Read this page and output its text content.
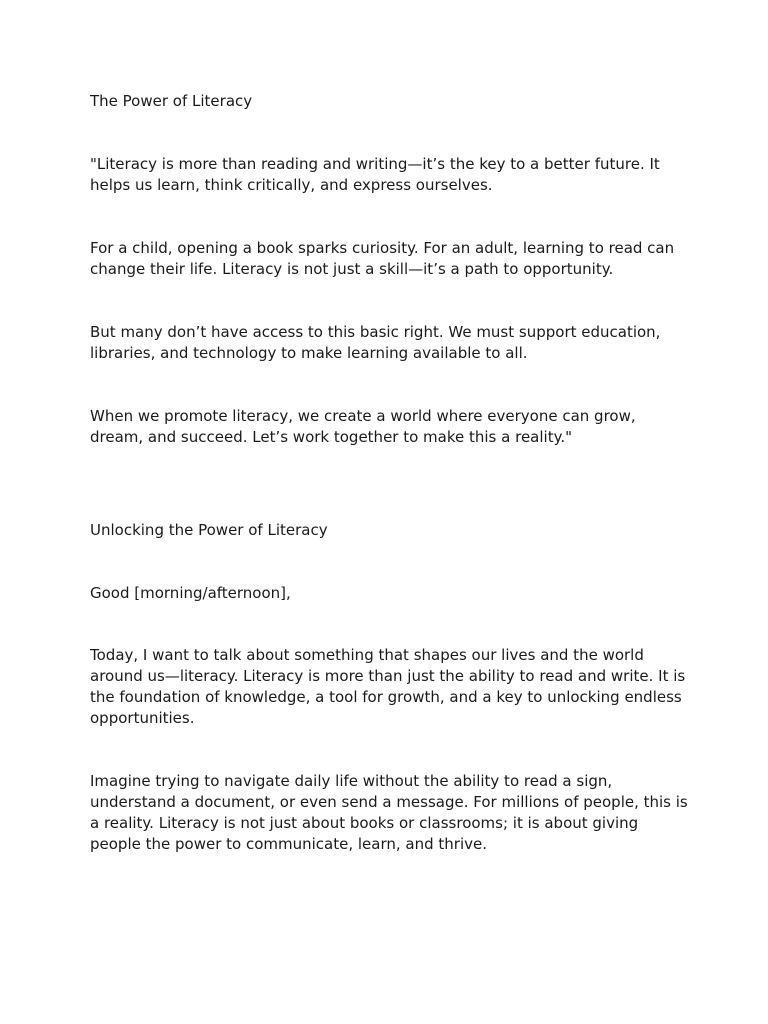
The Power of Literacy

"Literacy is more than reading and writing—it’s the key to a better future. It helps us learn, think critically, and express ourselves.

For a child, opening a book sparks curiosity. For an adult, learning to read can change their life. Literacy is not just a skill—it’s a path to opportunity.

But many don’t have access to this basic right. We must support education, libraries, and technology to make learning available to all.

When we promote literacy, we create a world where everyone can grow, dream, and succeed. Let’s work together to make this a reality."

Unlocking the Power of Literacy

Good [morning/afternoon],

Today, I want to talk about something that shapes our lives and the world around us—literacy. Literacy is more than just the ability to read and write. It is the foundation of knowledge, a tool for growth, and a key to unlocking endless opportunities.

Imagine trying to navigate daily life without the ability to read a sign, understand a document, or even send a message. For millions of people, this is a reality. Literacy is not just about books or classrooms; it is about giving people the power to communicate, learn, and thrive.
